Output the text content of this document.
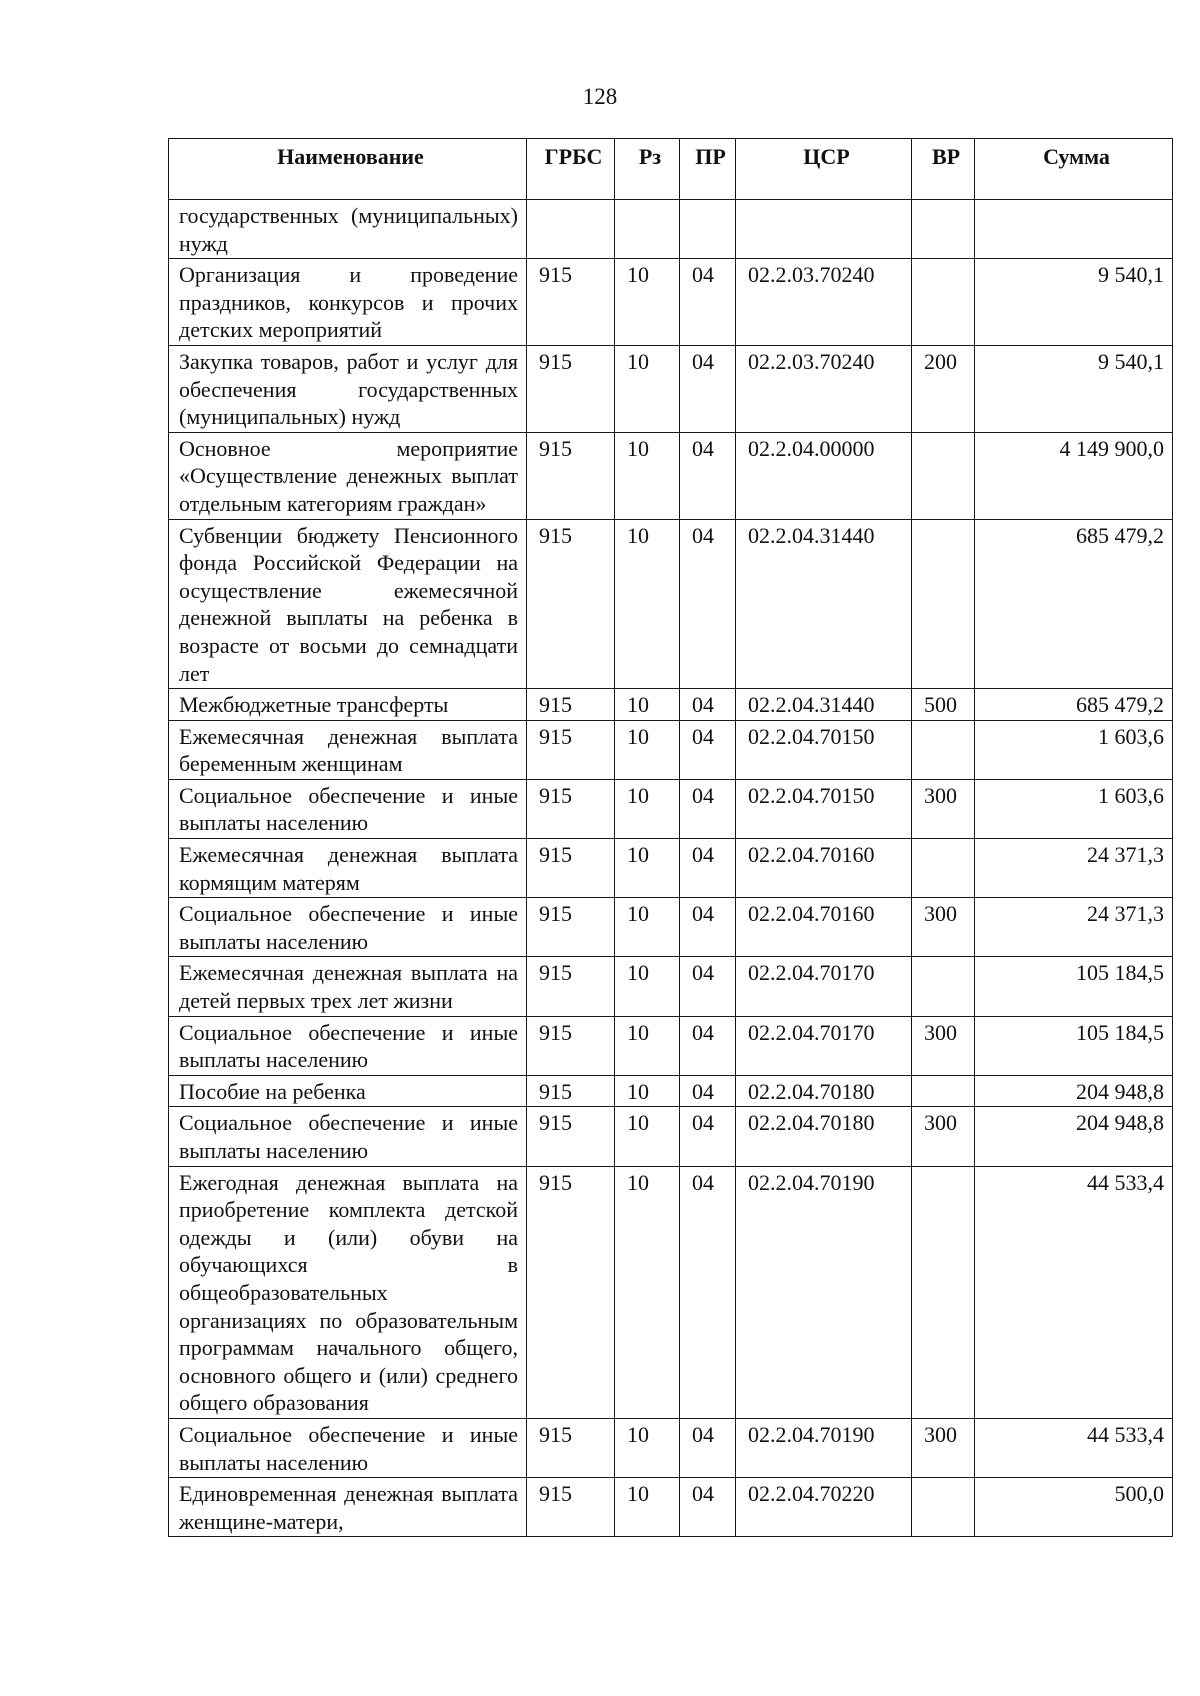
128
Наименование	ГРБС	Рз	ПР	ЦСР	ВР	Сумма
государственных (муниципальных) нужд						
Организация и проведение праздников, конкурсов и прочих детских мероприятий	915	10	04	02.2.03.70240		9 540,1
Закупка товаров, работ и услуг для обеспечения государственных (муниципальных) нужд	915	10	04	02.2.03.70240	200	9 540,1
Основное мероприятие «Осуществление денежных выплат отдельным категориям граждан»	915	10	04	02.2.04.00000		4 149 900,0
Субвенции бюджету Пенсионного фонда Российской Федерации на осуществление ежемесячной денежной выплаты на ребенка в возрасте от восьми до семнадцати лет	915	10	04	02.2.04.31440		685 479,2
Межбюджетные трансферты	915	10	04	02.2.04.31440	500	685 479,2
Ежемесячная денежная выплата беременным женщинам	915	10	04	02.2.04.70150		1 603,6
Социальное обеспечение и иные выплаты населению	915	10	04	02.2.04.70150	300	1 603,6
Ежемесячная денежная выплата кормящим матерям	915	10	04	02.2.04.70160		24 371,3
Социальное обеспечение и иные выплаты населению	915	10	04	02.2.04.70160	300	24 371,3
Ежемесячная денежная выплата на детей первых трех лет жизни	915	10	04	02.2.04.70170		105 184,5
Социальное обеспечение и иные выплаты населению	915	10	04	02.2.04.70170	300	105 184,5
Пособие на ребенка	915	10	04	02.2.04.70180		204 948,8
Социальное обеспечение и иные выплаты населению	915	10	04	02.2.04.70180	300	204 948,8
Ежегодная денежная выплата на приобретение комплекта детской одежды и (или) обуви на обучающихся в общеобразовательных организациях по образовательным программам начального общего, основного общего и (или) среднего общего образования	915	10	04	02.2.04.70190		44 533,4
Социальное обеспечение и иные выплаты населению	915	10	04	02.2.04.70190	300	44 533,4
Единовременная денежная выплата женщине-матери,	915	10	04	02.2.04.70220		500,0
